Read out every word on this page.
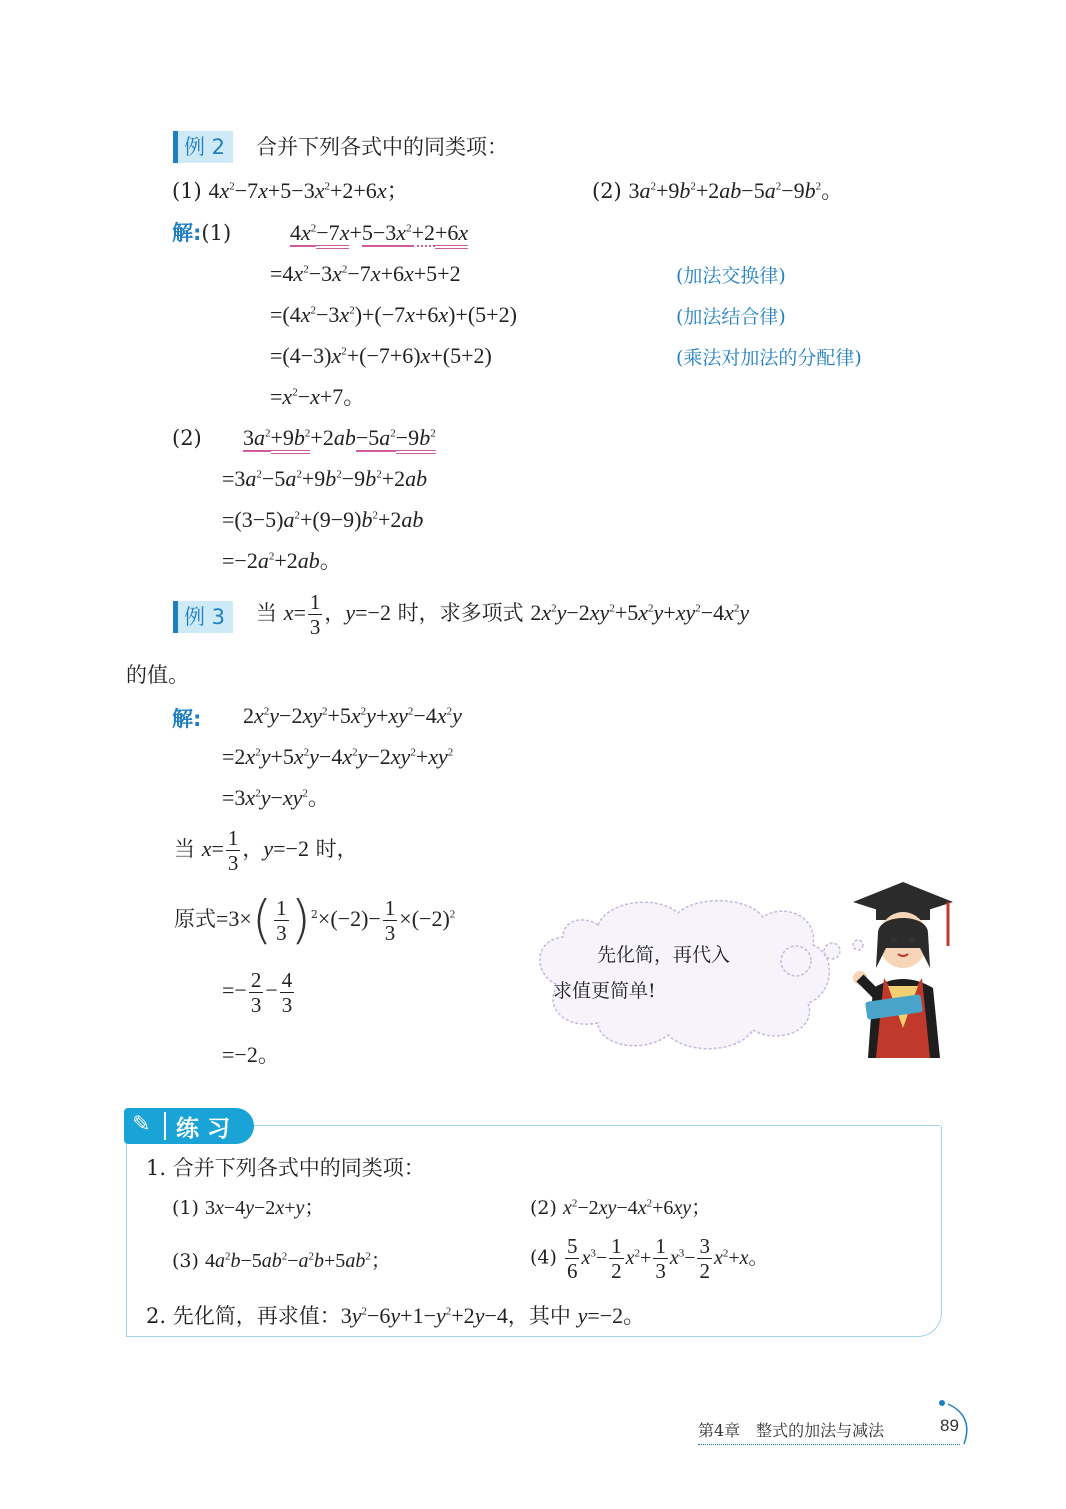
例 2	合并下列各式中的同类项：
(1) $4x^2-7x+5-3x^2+2+6x$；	(2) $3a^2+9b^2+2ab-5a^2-9b^2$。
解:(1)	$4x^2-7x+5-3x^2+2+6x$
$=4x^2-3x^2-7x+6x+5+2$	(加法交换律)
$=(4x^2-3x^2)+(-7x+6x)+(5+2)$	(加法结合律)
$=(4-3)x^2+(-7+6)x+(5+2)$	(乘法对加法的分配律)
$=x^2-x+7$。
(2) $3a^2+9b^2+2ab-5a^2-9b^2$
$=3a^2-5a^2+9b^2-9b^2+2ab$
$=(3-5)a^2+(9-9)b^2+2ab$
$=-2a^2+2ab$。
例 3	当 $x= \frac{1}{3}$ ，y=−2 时，求多项式 $2x^2y-2xy^2+5x^2y+xy^2-4x^2y$
的值。
解: $2x^2y-2xy^2+5x^2y+xy^2-4x^2y$
$=2x^2y+5x^2y-4x^2y-2xy^2+xy^2$
$=3x^2y-xy^2$。
当 $x= \frac{1}{3}$ ，y=−2 时，
原式$=3\times( \frac{1}{3} )^2\times(-2)- \frac{1}{3} \times(-2)^2$
=− $\frac{2}{3} - \frac{4}{3}$
=−2。
先化简，再代入
求值更简单!
✎ 练 习
1. 合并下列各式中的同类项：
(1) 3x−4y−2x+y；	(2) $x^2-2xy-4x^2+6xy$；
(3) $4a^2b-5ab^2-a^2b+5ab^2$；	$(4) \frac{5}{6} x^3- \frac{1}{2} x^2+ \frac{1}{3} x^3- \frac{3}{2} x^2+x$。
2. 先化简，再求值：$3y^2-6y+1-y^2+2y-4$，其中 y=−2。
第4章　整式的加法与减法	89
